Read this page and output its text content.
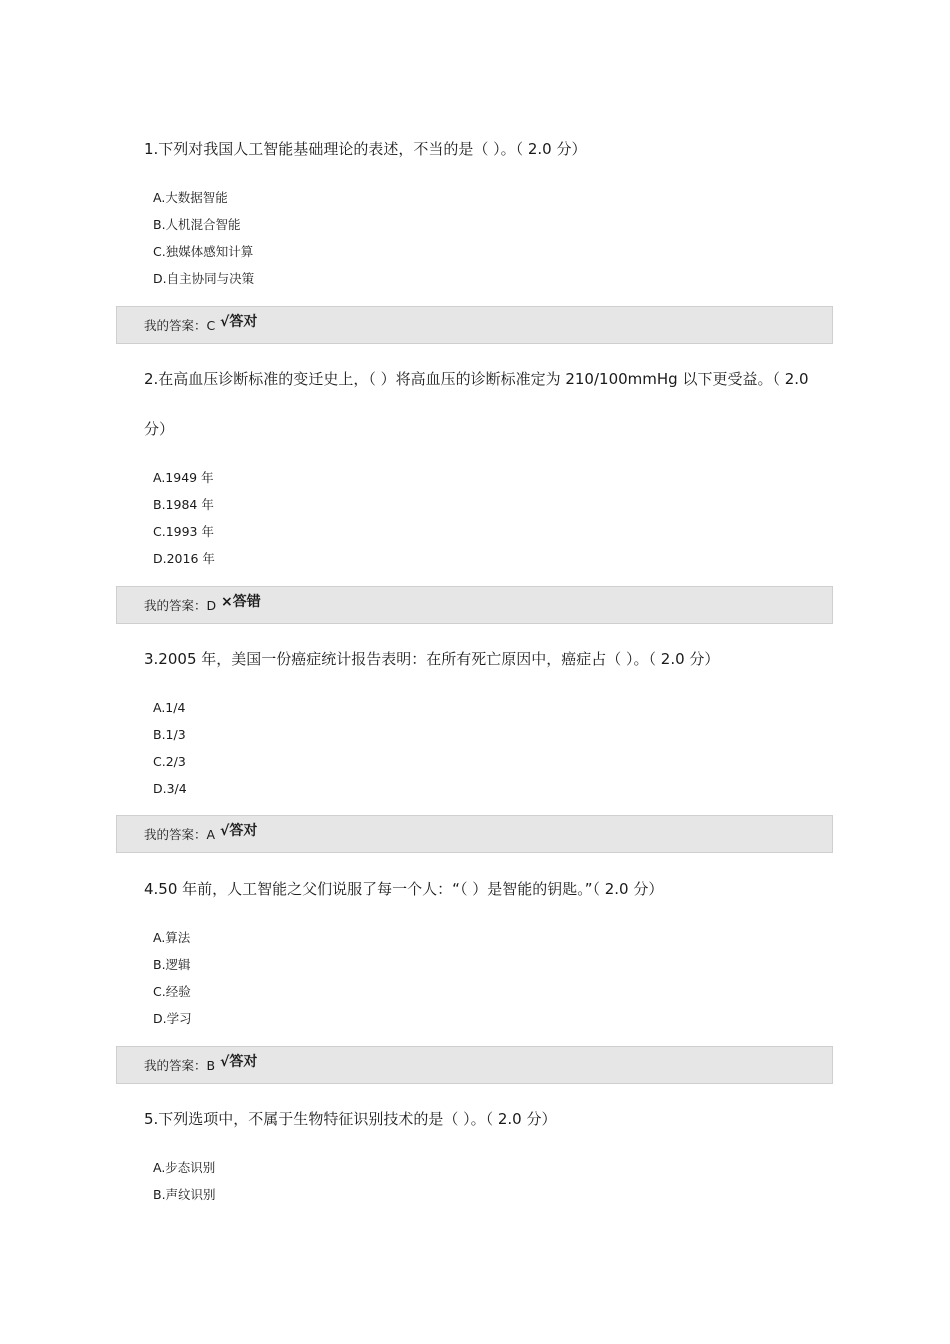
1.下列对我国人工智能基础理论的表述，不当的是（ ）。（ 2.0 分）

A.大数据智能
B.人机混合智能
C.独媒体感知计算
D.自主协同与决策
我的答案：C √答对

2.在高血压诊断标准的变迁史上，（ ）将高血压的诊断标准定为 210/100mmHg 以下更受益。（ 2.0 分）

A.1949 年
B.1984 年
C.1993 年
D.2016 年
我的答案：D ×答错

3.2005 年，美国一份癌症统计报告表明：在所有死亡原因中，癌症占（ ）。（ 2.0 分）

A.1/4
B.1/3
C.2/3
D.3/4
我的答案：A √答对

4.50 年前，人工智能之父们说服了每一个人：“（ ）是智能的钥匙。”（ 2.0 分）

A.算法
B.逻辑
C.经验
D.学习
我的答案：B √答对

5.下列选项中，不属于生物特征识别技术的是（ ）。（ 2.0 分）

A.步态识别
B.声纹识别
